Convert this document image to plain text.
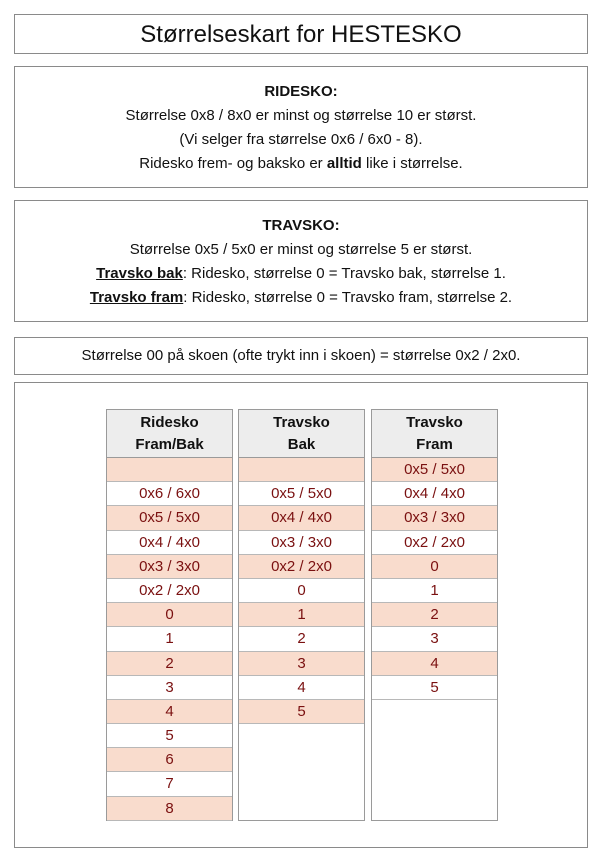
Størrelseskart for HESTESKO
RIDESKO:
Størrelse 0x8 / 8x0 er minst og størrelse 10 er størst.
(Vi selger fra størrelse 0x6 / 6x0 - 8).
Ridesko frem- og baksko er alltid like i størrelse.
TRAVSKO:
Størrelse 0x5 / 5x0 er minst og størrelse 5 er størst.
Travsko bak: Ridesko, størrelse 0 = Travsko bak, størrelse 1.
Travsko fram: Ridesko, størrelse 0 = Travsko fram, størrelse 2.
Størrelse 00 på skoen (ofte trykt inn i skoen) = størrelse 0x2 / 2x0.
Ridesko
Fram/Bak
0x6 / 6x0
0x5 / 5x0
0x4 / 4x0
0x3 / 3x0
0x2 / 2x0
0
1
2
3
4
5
6
7
8
Travsko
Bak
0x5 / 5x0
0x4 / 4x0
0x3 / 3x0
0x2 / 2x0
0
1
2
3
4
5
Travsko
Fram
0x5 / 5x0
0x4 / 4x0
0x3 / 3x0
0x2 / 2x0
0
1
2
3
4
5
